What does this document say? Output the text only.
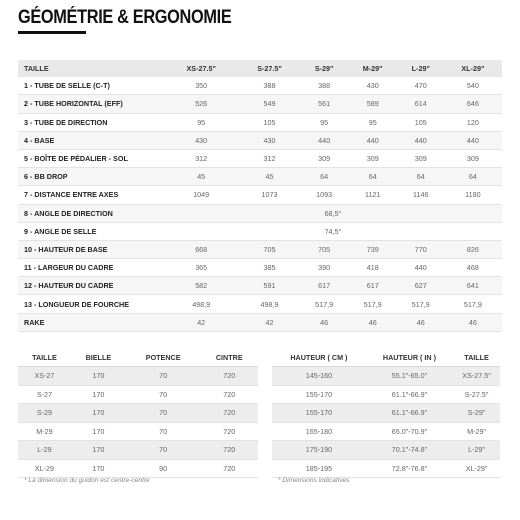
GÉOMÉTRIE & ERGONOMIE
TAILLE	XS-27.5"	S-27.5"	S-29"	M-29"	L-29"	XL-29"
1 - TUBE DE SELLE (C-T)	350	388	388	430	470	540
2 - TUBE HORIZONTAL (EFF)	526	549	561	589	614	646
3 - TUBE DE DIRECTION	95	105	95	95	105	120
4 - BASE	430	430	440	440	440	440
5 - BOÎTE DE PÉDALIER - SOL	312	312	309	309	309	309
6 - BB DROP	45	45	64	64	64	64
7 - DISTANCE ENTRE AXES	1049	1073	1093	1121	1146	1180
8 - ANGLE DE DIRECTION	68,5°					
9 - ANGLE DE SELLE	74,5°					
10 - HAUTEUR DE BASE	668	705	705	739	770	826
11 - LARGEUR DU CADRE	365	385	390	418	440	468
12 - HAUTEUR DU CADRE	582	591	617	617	627	641
13 - LONGUEUR DE FOURCHE	498,9	498,9	517,9	517,9	517,9	517,9
RAKE	42	42	46	46	46	46
TAILLE	BIELLE	POTENCE	CINTRE
XS-27	170	70	720
S-27	170	70	720
S-29	170	70	720
M-29	170	70	720
L-29	170	70	720
XL-29	170	90	720
HAUTEUR ( CM )	HAUTEUR ( IN )	TAILLE
145-160	55.1"-65.0"	XS-27.5"
155-170	61.1"-66.9"	S-27.5"
155-170	61.1"-66.9"	S-29"
165-180	65.0"-70.9"	M-29"
175-190	70.1"-74.8"	L-29"
185-195	72.8"-76.8"	XL-29"
* La dimension du guidon est centre-centre	* Dimensions indicatives
